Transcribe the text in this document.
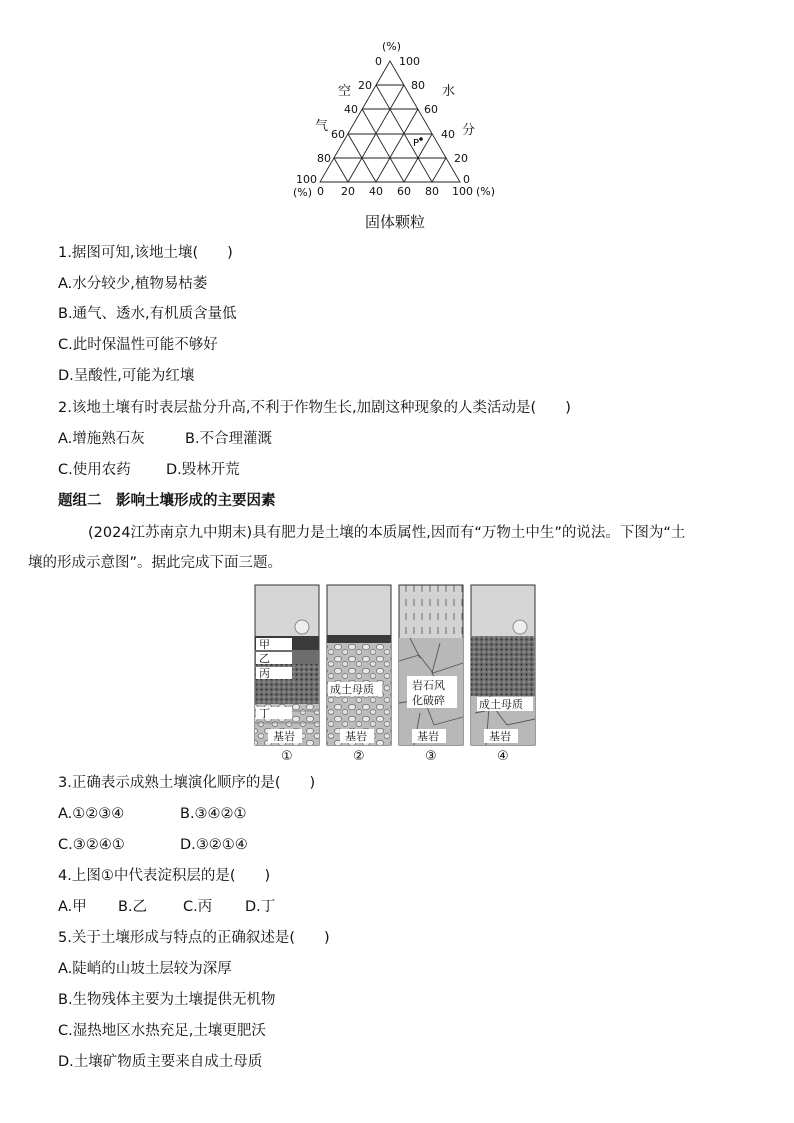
P
(%)
0
20
40
60
80
100
(%)
100
80
60
40
20
0
0 20 40 60 80 100 (%)
空
气
水
分
固体颗粒
1.据图可知,该地土壤(　　)
A.水分较少,植物易枯萎
B.通气、透水,有机质含量低
C.此时保温性可能不够好
D.呈酸性,可能为红壤
2.该地土壤有时表层盐分升高,不利于作物生长,加剧这种现象的人类活动是(　　)
A.增施熟石灰	B.不合理灌溉
C.使用农药 D.毁林开荒
题组二　影响土壤形成的主要因素
(2024江苏南京九中期末)具有肥力是土壤的本质属性,因而有“万物土中生”的说法。下图为“土
壤的形成示意图”。据此完成下面三题。
甲
乙
丙
丁
基岩
成土母质
基岩
岩石风
化破碎
基岩
成土母质
基岩
①	②	③	④
3.正确表示成熟土壤演化顺序的是(　　)
A.①②③④	B.③④②①
C.③②④①	D.③②①④
4.上图①中代表淀积层的是(　　)
A.甲 B.乙 C.丙 D.丁
5.关于土壤形成与特点的正确叙述是(　　)
A.陡峭的山坡土层较为深厚
B.生物残体主要为土壤提供无机物
C.湿热地区水热充足,土壤更肥沃
D.土壤矿物质主要来自成土母质
